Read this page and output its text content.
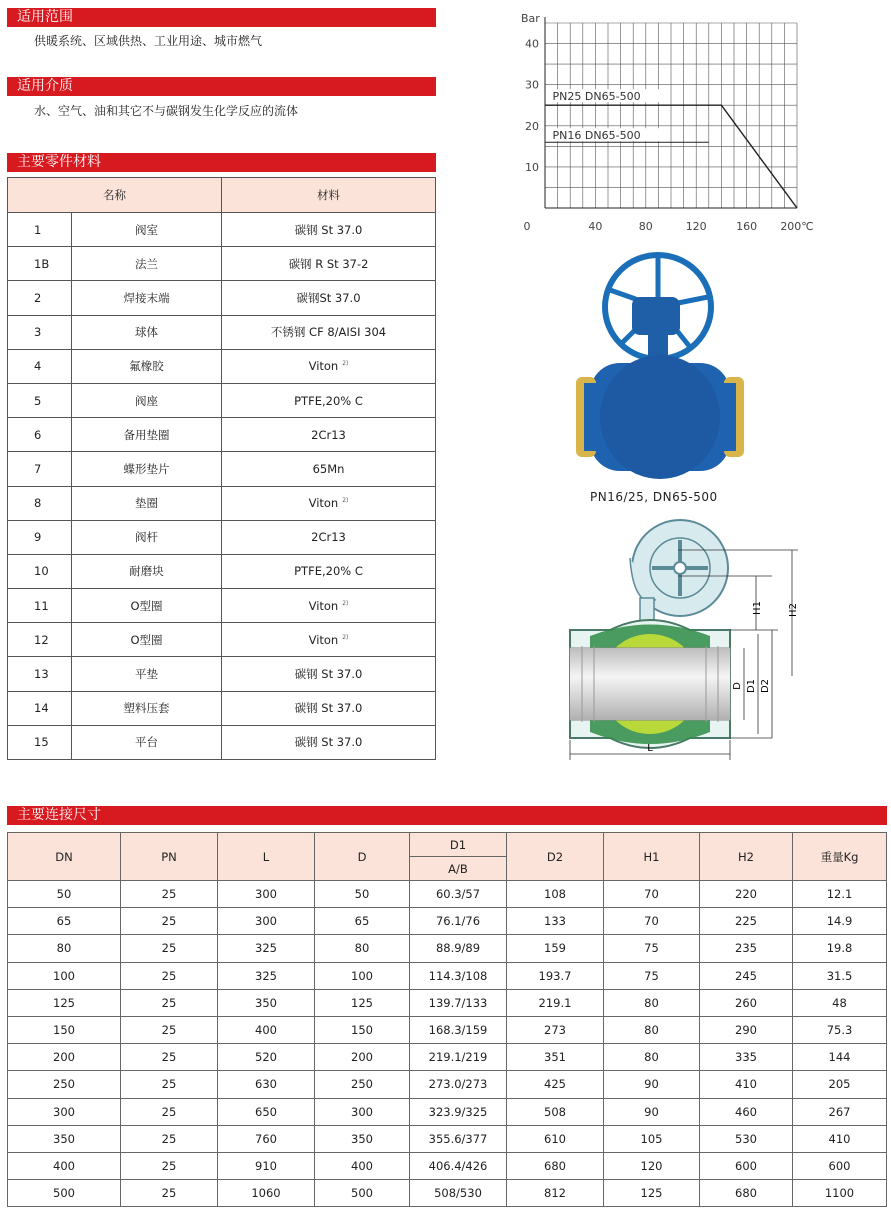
适用范围
供暖系统、区域供热、工业用途、城市燃气
适用介质
水、空气、油和其它不与碳钢发生化学反应的流体
主要零件材料
名称		材料
1	阀室	碳钢 St 37.0
1B	法兰	碳钢 R St 37-2
2	焊接末端	碳钢St 37.0
3	球体	不锈钢 CF 8/AISI 304
4	氟橡胶	Viton $^{2)}$
5	阀座	PTFE,20% C
6	备用垫圈	2Cr13
7	蝶形垫片	65Mn
8	垫圈	Viton $^{2)}$
9	阀杆	2Cr13
10	耐磨块	PTFE,20% C
11	O型圈	Viton $^{2)}$
12	O型圈	Viton $^{2)}$
13	平垫	碳钢 St 37.0
14	塑料压套	碳钢 St 37.0
15	平台	碳钢 St 37.0
Bar
10
20
30
40
0	40	80	120	160 200℃
PN25 DN65-500
PN16 DN65-500
PN16/25, DN65-500
H1	H2
D D1 D2
L
主要连接尺寸
DN	PN	L	D	D1	D2	H1	H2	重量Kg
				A/B				
50	25	300	50	60.3/57	108	70	220	12.1
65	25	300	65	76.1/76	133	70	225	14.9
80	25	325	80	88.9/89	159	75	235	19.8
100	25	325	100	114.3/108	193.7	75	245	31.5
125	25	350	125	139.7/133	219.1	80	260	48
150	25	400	150	168.3/159	273	80	290	75.3
200	25	520	200	219.1/219	351	80	335	144
250	25	630	250	273.0/273	425	90	410	205
300	25	650	300	323.9/325	508	90	460	267
350	25	760	350	355.6/377	610	105	530	410
400	25	910	400	406.4/426	680	120	600	600
500	25	1060	500	508/530	812	125	680	1100
